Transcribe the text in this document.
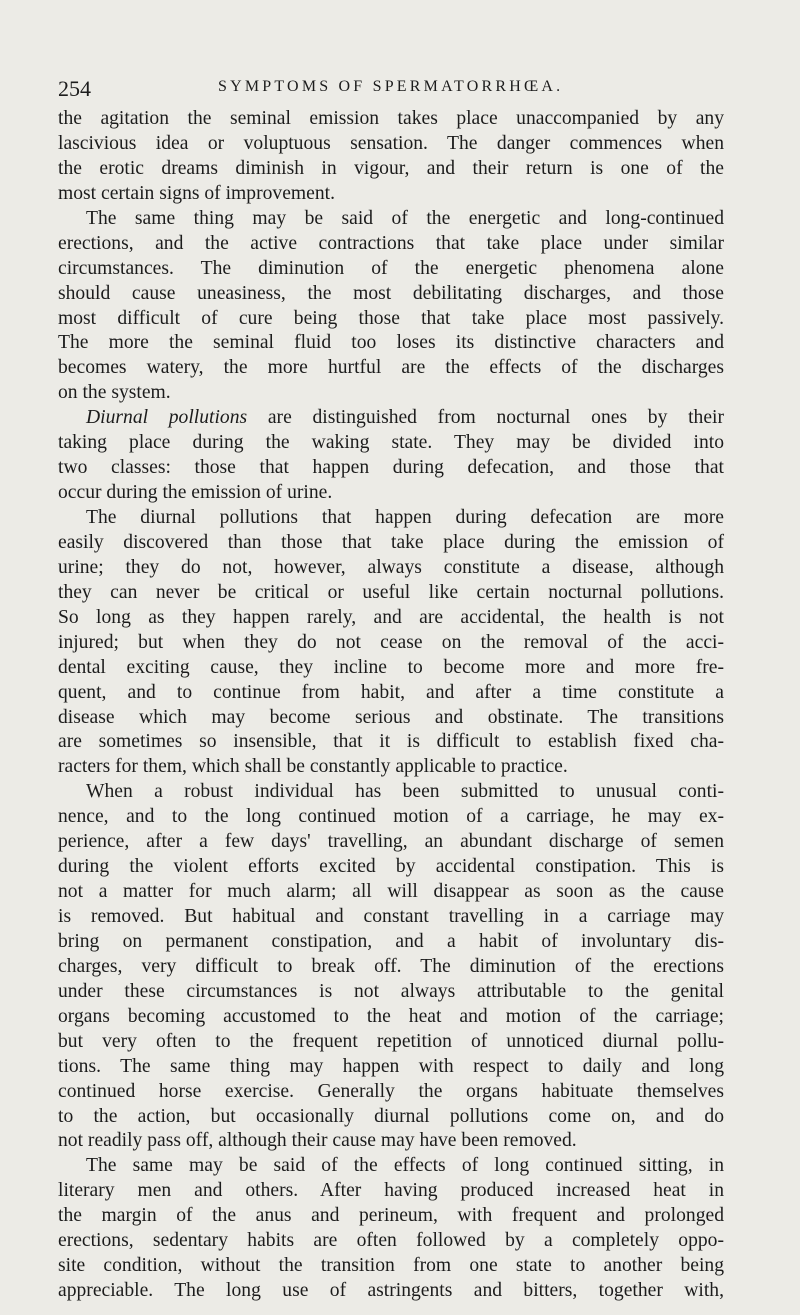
254	SYMPTOMS OF SPERMATORRHŒA.
the agitation the seminal emission takes place unaccompanied by any
lascivious idea or voluptuous sensation. The danger commences when
the erotic dreams diminish in vigour, and their return is one of the
most certain signs of improvement.
The same thing may be said of the energetic and long-continued
erections, and the active contractions that take place under similar
circumstances. The diminution of the energetic phenomena alone
should cause uneasiness, the most debilitating discharges, and those
most difficult of cure being those that take place most passively.
The more the seminal fluid too loses its distinctive characters and
becomes watery, the more hurtful are the effects of the discharges
on the system.
Diurnal pollutions are distinguished from nocturnal ones by their
taking place during the waking state. They may be divided into
two classes: those that happen during defecation, and those that
occur during the emission of urine.
The diurnal pollutions that happen during defecation are more
easily discovered than those that take place during the emission of
urine; they do not, however, always constitute a disease, although
they can never be critical or useful like certain nocturnal pollutions.
So long as they happen rarely, and are accidental, the health is not
injured; but when they do not cease on the removal of the acci-
dental exciting cause, they incline to become more and more fre-
quent, and to continue from habit, and after a time constitute a
disease which may become serious and obstinate. The transitions
are sometimes so insensible, that it is difficult to establish fixed cha-
racters for them, which shall be constantly applicable to practice.
When a robust individual has been submitted to unusual conti-
nence, and to the long continued motion of a carriage, he may ex-
perience, after a few days' travelling, an abundant discharge of semen
during the violent efforts excited by accidental constipation. This is
not a matter for much alarm; all will disappear as soon as the cause
is removed. But habitual and constant travelling in a carriage may
bring on permanent constipation, and a habit of involuntary dis-
charges, very difficult to break off. The diminution of the erections
under these circumstances is not always attributable to the genital
organs becoming accustomed to the heat and motion of the carriage;
but very often to the frequent repetition of unnoticed diurnal pollu-
tions. The same thing may happen with respect to daily and long
continued horse exercise. Generally the organs habituate themselves
to the action, but occasionally diurnal pollutions come on, and do
not readily pass off, although their cause may have been removed.
The same may be said of the effects of long continued sitting, in
literary men and others. After having produced increased heat in
the margin of the anus and perineum, with frequent and prolonged
erections, sedentary habits are often followed by a completely oppo-
site condition, without the transition from one state to another being
appreciable. The long use of astringents and bitters, together with,
